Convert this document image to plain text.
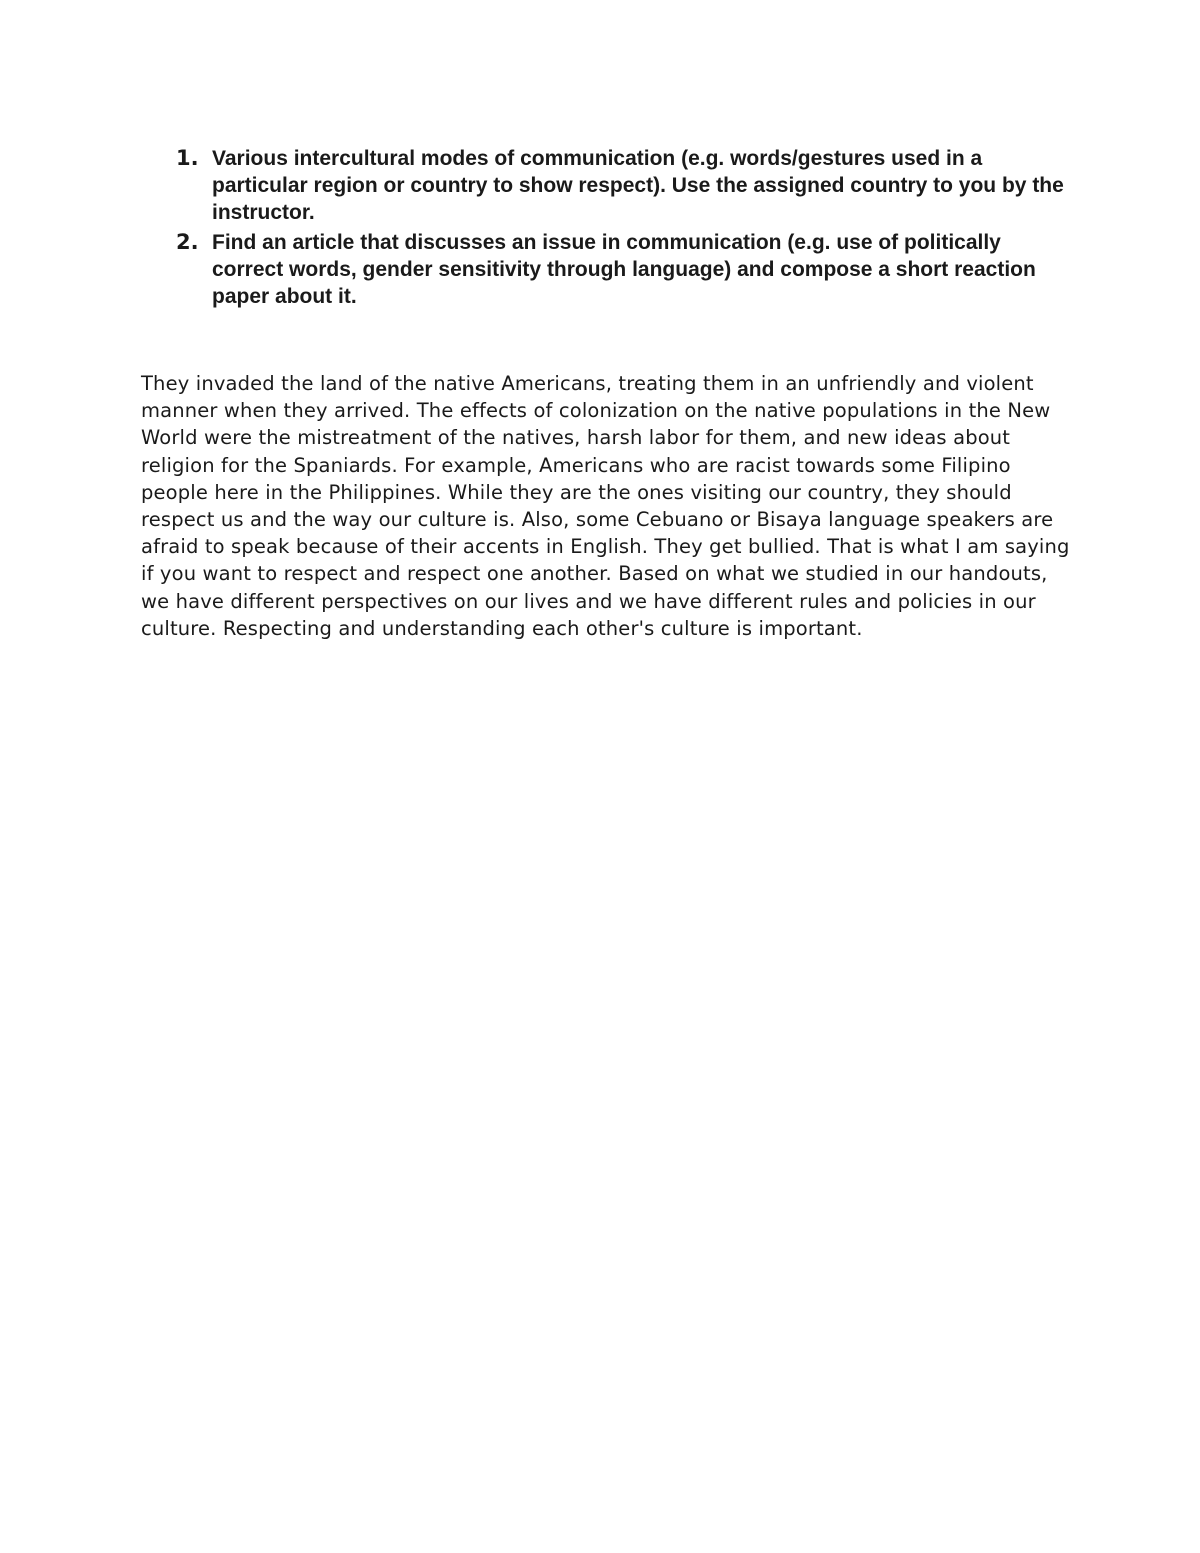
1. Various intercultural modes of communication (e.g. words/gestures used in a particular region or country to show respect). Use the assigned country to you by the instructor.
2. Find an article that discusses an issue in communication (e.g. use of politically correct words, gender sensitivity through language) and compose a short reaction paper about it.

They invaded the land of the native Americans, treating them in an unfriendly and violent manner when they arrived. The effects of colonization on the native populations in the New World were the mistreatment of the natives, harsh labor for them, and new ideas about religion for the Spaniards. For example, Americans who are racist towards some Filipino people here in the Philippines. While they are the ones visiting our country, they should respect us and the way our culture is. Also, some Cebuano or Bisaya language speakers are afraid to speak because of their accents in English. They get bullied. That is what I am saying if you want to respect and respect one another. Based on what we studied in our handouts, we have different perspectives on our lives and we have different rules and policies in our culture. Respecting and understanding each other's culture is important.
